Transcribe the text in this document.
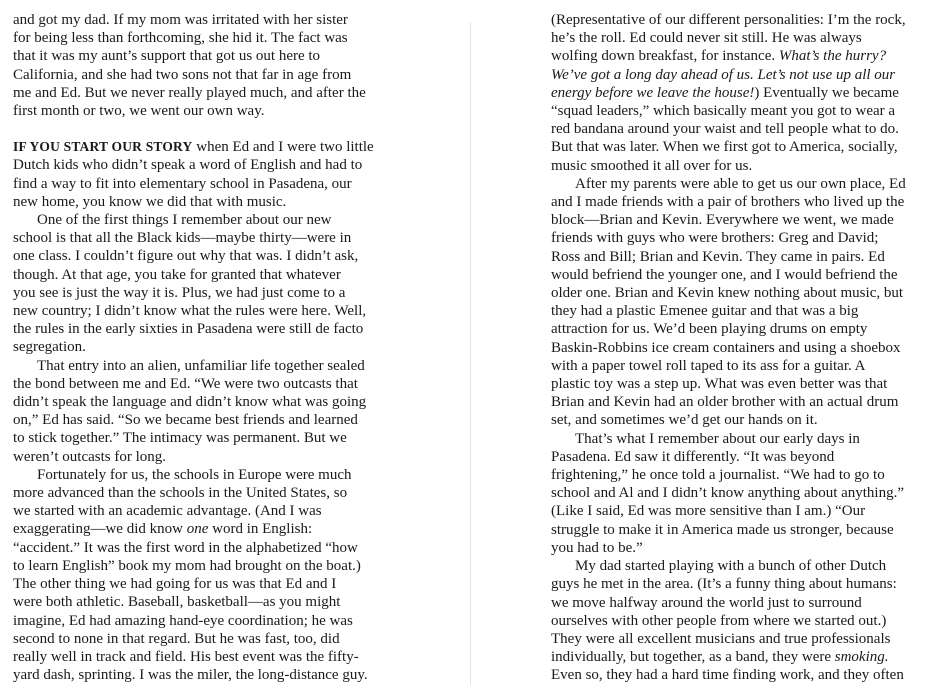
and got my dad. If my mom was irritated with her sister
for being less than forthcoming, she hid it. The fact was
that it was my aunt’s support that got us out here to
California, and she had two sons not that far in age from
me and Ed. But we never really played much, and after the
first month or two, we went our own way.

IF YOU START OUR STORY when Ed and I were two little
Dutch kids who didn’t speak a word of English and had to
find a way to fit into elementary school in Pasadena, our
new home, you know we did that with music.

One of the first things I remember about our new
school is that all the Black kids—maybe thirty—were in
one class. I couldn’t figure out why that was. I didn’t ask,
though. At that age, you take for granted that whatever
you see is just the way it is. Plus, we had just come to a
new country; I didn’t know what the rules were here. Well,
the rules in the early sixties in Pasadena were still de facto
segregation.

That entry into an alien, unfamiliar life together sealed
the bond between me and Ed. “We were two outcasts that
didn’t speak the language and didn’t know what was going
on,” Ed has said. “So we became best friends and learned
to stick together.” The intimacy was permanent. But we
weren’t outcasts for long.

Fortunately for us, the schools in Europe were much
more advanced than the schools in the United States, so
we started with an academic advantage. (And I was
exaggerating—we did know one word in English:
“accident.” It was the first word in the alphabetized “how
to learn English” book my mom had brought on the boat.)
The other thing we had going for us was that Ed and I
were both athletic. Baseball, basketball—as you might
imagine, Ed had amazing hand-eye coordination; he was
second to none in that regard. But he was fast, too, did
really well in track and field. His best event was the fifty-
yard dash, sprinting. I was the miler, the long-distance guy.

(Representative of our different personalities: I’m the rock,
he’s the roll. Ed could never sit still. He was always
wolfing down breakfast, for instance. What’s the hurry?
We’ve got a long day ahead of us. Let’s not use up all our
energy before we leave the house!) Eventually we became
“squad leaders,” which basically meant you got to wear a
red bandana around your waist and tell people what to do.
But that was later. When we first got to America, socially,
music smoothed it all over for us.

After my parents were able to get us our own place, Ed
and I made friends with a pair of brothers who lived up the
block—Brian and Kevin. Everywhere we went, we made
friends with guys who were brothers: Greg and David;
Ross and Bill; Brian and Kevin. They came in pairs. Ed
would befriend the younger one, and I would befriend the
older one. Brian and Kevin knew nothing about music, but
they had a plastic Emenee guitar and that was a big
attraction for us. We’d been playing drums on empty
Baskin-Robbins ice cream containers and using a shoebox
with a paper towel roll taped to its ass for a guitar. A
plastic toy was a step up. What was even better was that
Brian and Kevin had an older brother with an actual drum
set, and sometimes we’d get our hands on it.

That’s what I remember about our early days in
Pasadena. Ed saw it differently. “It was beyond
frightening,” he once told a journalist. “We had to go to
school and Al and I didn’t know anything about anything.”
(Like I said, Ed was more sensitive than I am.) “Our
struggle to make it in America made us stronger, because
you had to be.”

My dad started playing with a bunch of other Dutch
guys he met in the area. (It’s a funny thing about humans:
we move halfway around the world just to surround
ourselves with other people from where we started out.)
They were all excellent musicians and true professionals
individually, but together, as a band, they were smoking.
Even so, they had a hard time finding work, and they often
